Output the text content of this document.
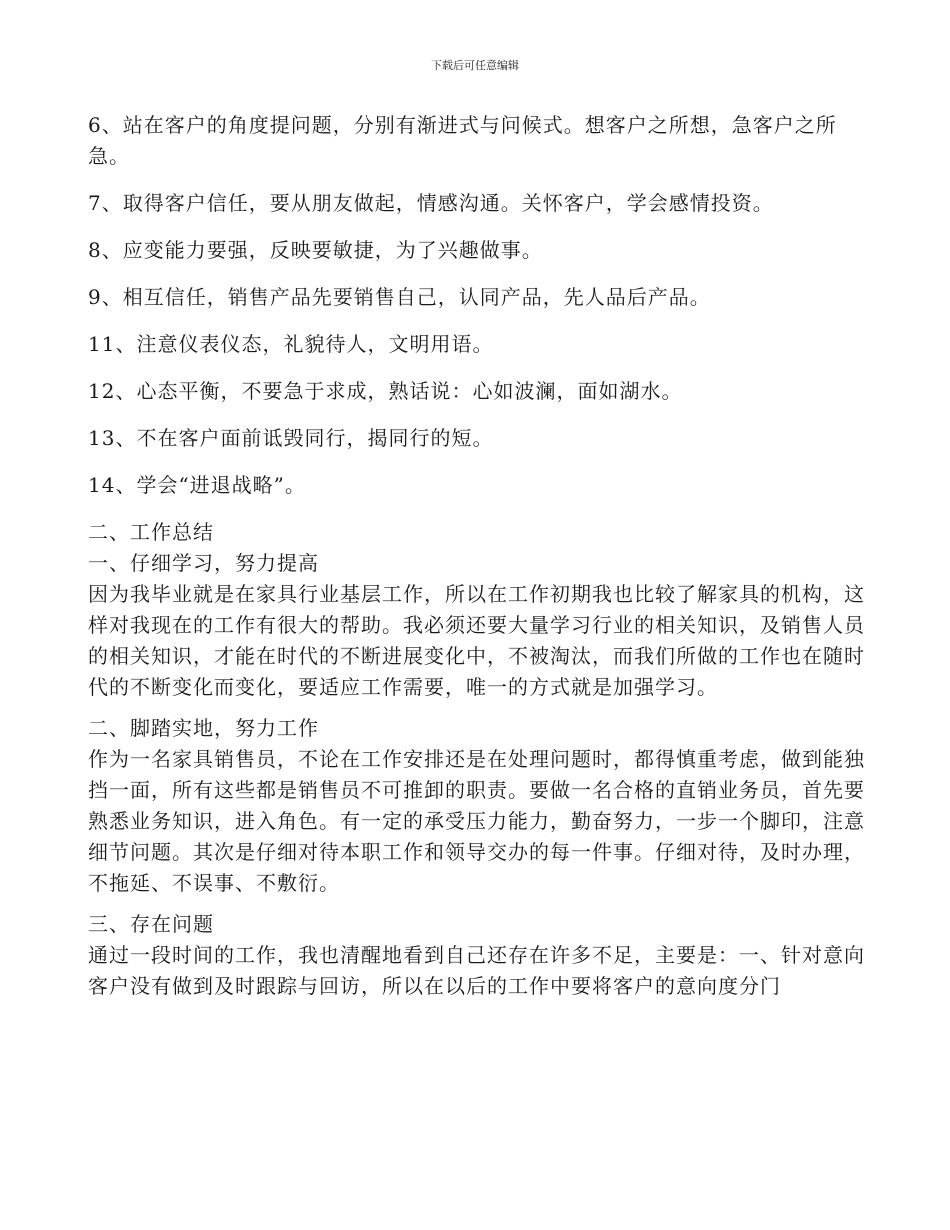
下载后可任意编辑

6、站在客户的角度提问题，分别有渐进式与问候式。想客户之所想，急客户之所急。

7、取得客户信任，要从朋友做起，情感沟通。关怀客户，学会感情投资。

8、应变能力要强，反映要敏捷，为了兴趣做事。

9、相互信任，销售产品先要销售自己，认同产品，先人品后产品。

11、注意仪表仪态，礼貌待人，文明用语。

12、心态平衡，不要急于求成，熟话说：心如波澜，面如湖水。

13、不在客户面前诋毁同行，揭同行的短。

14、学会“进退战略”。

二、工作总结

一、仔细学习，努力提高

因为我毕业就是在家具行业基层工作，所以在工作初期我也比较了解家具的机构，这样对我现在的工作有很大的帮助。我必须还要大量学习行业的相关知识，及销售人员的相关知识，才能在时代的不断进展变化中，不被淘汰，而我们所做的工作也在随时代的不断变化而变化，要适应工作需要，唯一的方式就是加强学习。

二、脚踏实地，努力工作

作为一名家具销售员，不论在工作安排还是在处理问题时，都得慎重考虑，做到能独挡一面，所有这些都是销售员不可推卸的职责。要做一名合格的直销业务员，首先要熟悉业务知识，进入角色。有一定的承受压力能力，勤奋努力，一步一个脚印，注意细节问题。其次是仔细对待本职工作和领导交办的每一件事。仔细对待，及时办理，不拖延、不误事、不敷衍。

三、存在问题

通过一段时间的工作，我也清醒地看到自己还存在许多不足，主要是：一、针对意向客户没有做到及时跟踪与回访，所以在以后的工作中要将客户的意向度分门
